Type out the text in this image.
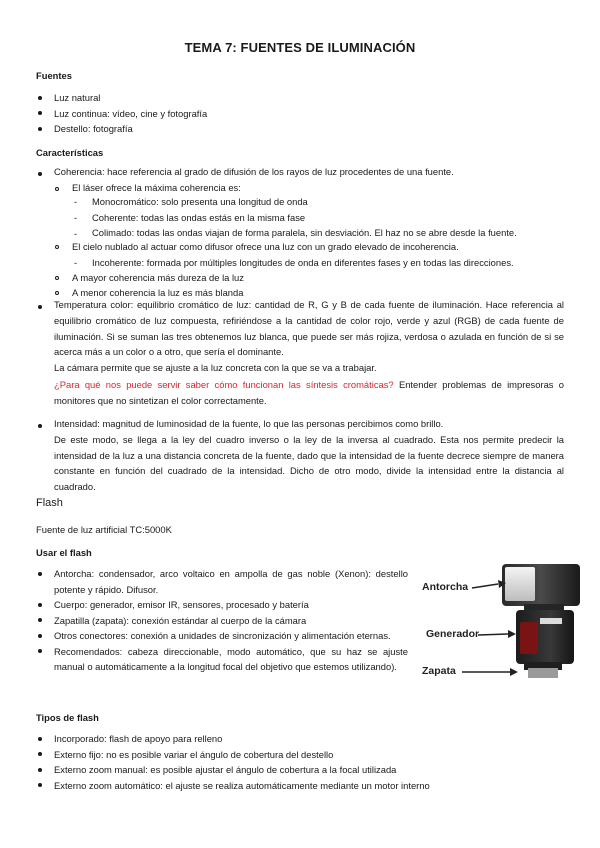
TEMA 7: FUENTES DE ILUMINACIÓN
Fuentes
Luz natural
Luz continua: vídeo, cine y fotografía
Destello: fotografía
Características
Coherencia: hace referencia al grado de difusión de los rayos de luz procedentes de una fuente.
El láser ofrece la máxima coherencia es:
- Monocromático: solo presenta una longitud de onda
- Coherente: todas las ondas estás en la misma fase
- Colimado: todas las ondas viajan de forma paralela, sin desviación. El haz no se abre desde la fuente.
El cielo nublado al actuar como difusor ofrece una luz con un grado elevado de incoherencia.
- Incoherente: formada por múltiples longitudes de onda en diferentes fases y en todas las direcciones.
A mayor coherencia más dureza de la luz
A menor coherencia la luz es más blanda

Temperatura color: equilibrio cromático de luz: cantidad de R, G y B de cada fuente de iluminación. Hace referencia al equilibrio cromático de luz compuesta, refiriéndose a la cantidad de color rojo, verde y azul (RGB) de cada fuente de iluminación. Si se suman las tres obtenemos luz blanca, que puede ser más rojiza, verdosa o azulada en función de si se acerca más a un color o a otro, que sería el dominante.

La cámara permite que se ajuste a la luz concreta con la que se va a trabajar.

¿Para qué nos puede servir saber cómo funcionan las síntesis cromáticas? Entender problemas de impresoras o monitores que no sintetizan el color correctamente.

Intensidad: magnitud de luminosidad de la fuente, lo que las personas percibimos como brillo.

De este modo, se llega a la ley del cuadro inverso o la ley de la inversa al cuadrado. Esta nos permite predecir la intensidad de la luz a una distancia concreta de la fuente, dado que la intensidad de la fuente decrece siempre de manera constante en función del cuadrado de la intensidad. Dicho de otro modo, divide la intensidad entre la distancia al cuadrado.

Flash
Fuente de luz artificial TC:5000K
Usar el flash
Antorcha: condensador, arco voltaico en ampolla de gas noble (Xenon): destello potente y rápido. Difusor.
Cuerpo: generador, emisor IR, sensores, procesado y batería
Zapatilla (zapata): conexión estándar al cuerpo de la cámara
Otros conectores: conexión a unidades de sincronización y alimentación eternas.
Recomendados: cabeza direccionable, modo automático, que su haz se ajuste manual o automáticamente a la longitud focal del objetivo que estemos utilizando).
Antorcha
Generador
Zapata
Tipos de flash
Incorporado: flash de apoyo para relleno
Externo fijo: no es posible variar el ángulo de cobertura del destello
Externo zoom manual: es posible ajustar el ángulo de cobertura a la focal utilizada
Externo zoom automático: el ajuste se realiza automáticamente mediante un motor interno
